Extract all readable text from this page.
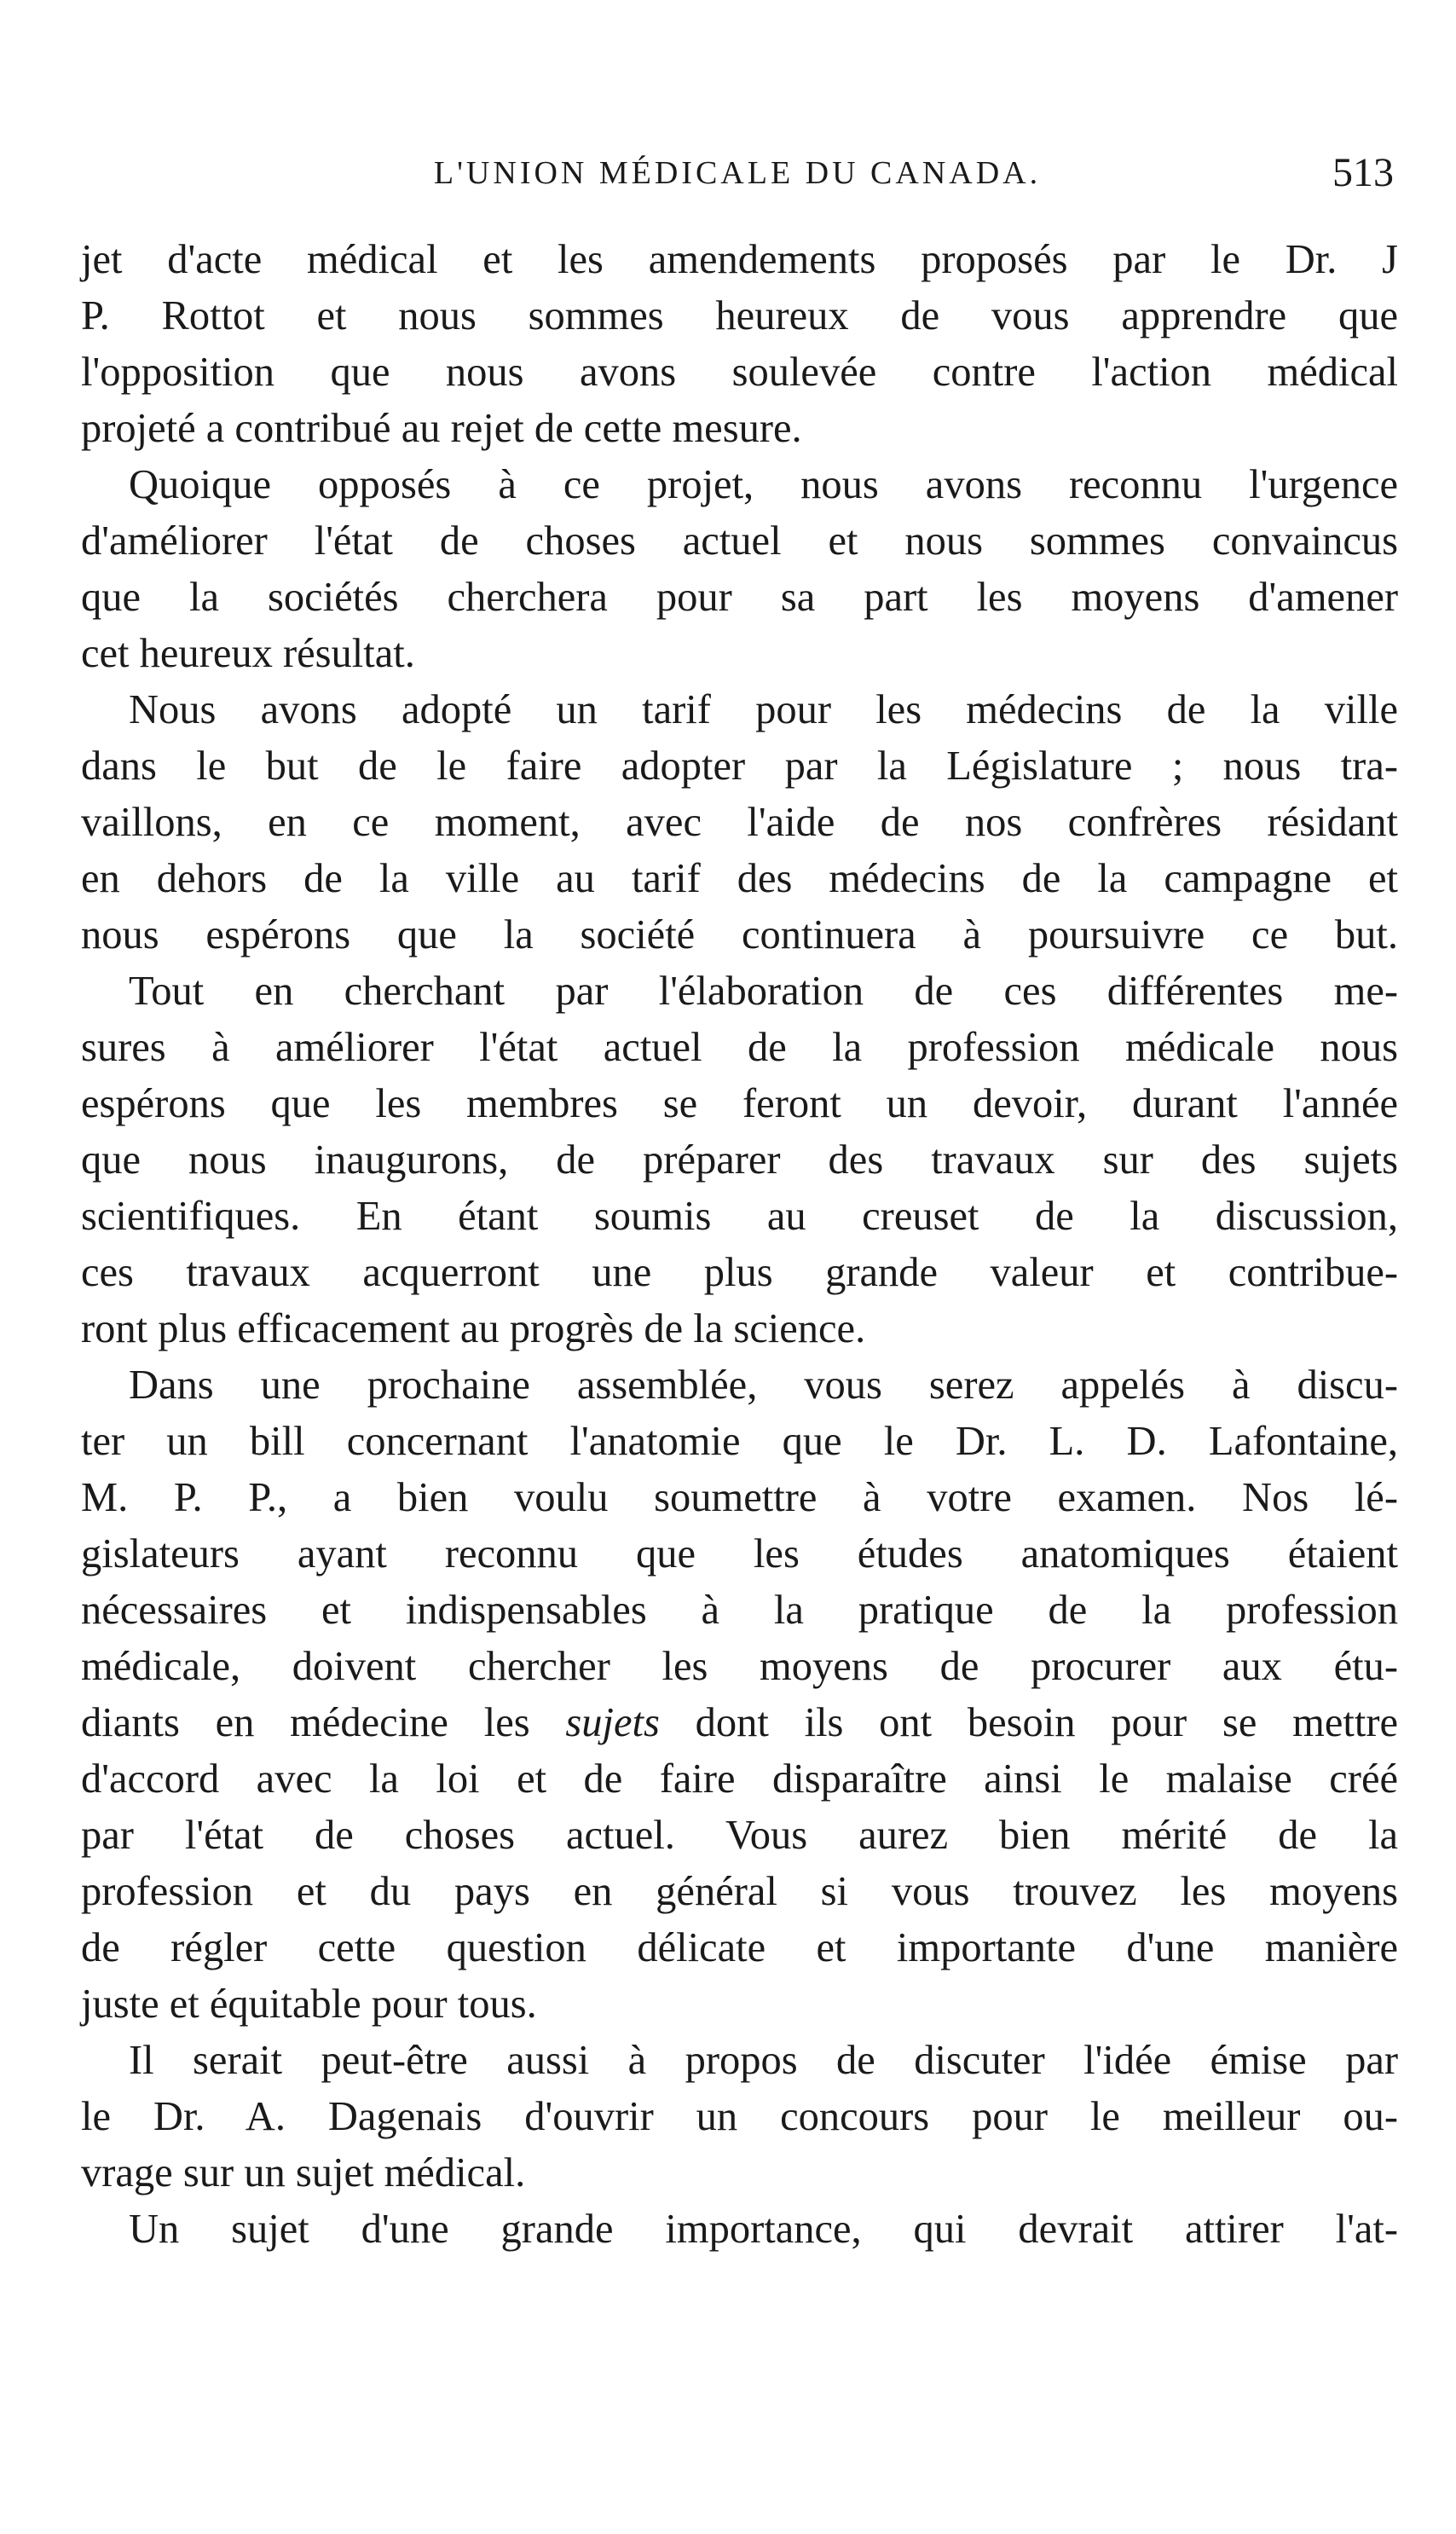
L'UNION MÉDICALE DU CANADA.	513
jet d'acte médical et les amendements proposés par le Dr. J
P. Rottot et nous sommes heureux de vous apprendre que
l'opposition que nous avons soulevée contre l'action médical
projeté a contribué au rejet de cette mesure.
Quoique opposés à ce projet, nous avons reconnu l'urgence
d'améliorer l'état de choses actuel et nous sommes convaincus
que la sociétés cherchera pour sa part les moyens d'amener
cet heureux résultat.
Nous avons adopté un tarif pour les médecins de la ville
dans le but de le faire adopter par la Législature ; nous tra-
vaillons, en ce moment, avec l'aide de nos confrères résidant
en dehors de la ville au tarif des médecins de la campagne et
nous espérons que la société continuera à poursuivre ce but.
Tout en cherchant par l'élaboration de ces différentes me-
sures à améliorer l'état actuel de la profession médicale nous
espérons que les membres se feront un devoir, durant l'année
que nous inaugurons, de préparer des travaux sur des sujets
scientifiques. En étant soumis au creuset de la discussion,
ces travaux acquerront une plus grande valeur et contribue-
ront plus efficacement au progrès de la science.
Dans une prochaine assemblée, vous serez appelés à discu-
ter un bill concernant l'anatomie que le Dr. L. D. Lafontaine,
M. P. P., a bien voulu soumettre à votre examen. Nos lé-
gislateurs ayant reconnu que les études anatomiques étaient
nécessaires et indispensables à la pratique de la profession
médicale, doivent chercher les moyens de procurer aux étu-
diants en médecine les sujets dont ils ont besoin pour se mettre
d'accord avec la loi et de faire disparaître ainsi le malaise créé
par l'état de choses actuel. Vous aurez bien mérité de la
profession et du pays en général si vous trouvez les moyens
de régler cette question délicate et importante d'une manière
juste et équitable pour tous.
Il serait peut-être aussi à propos de discuter l'idée émise par
le Dr. A. Dagenais d'ouvrir un concours pour le meilleur ou-
vrage sur un sujet médical.
Un sujet d'une grande importance, qui devrait attirer l'at-
